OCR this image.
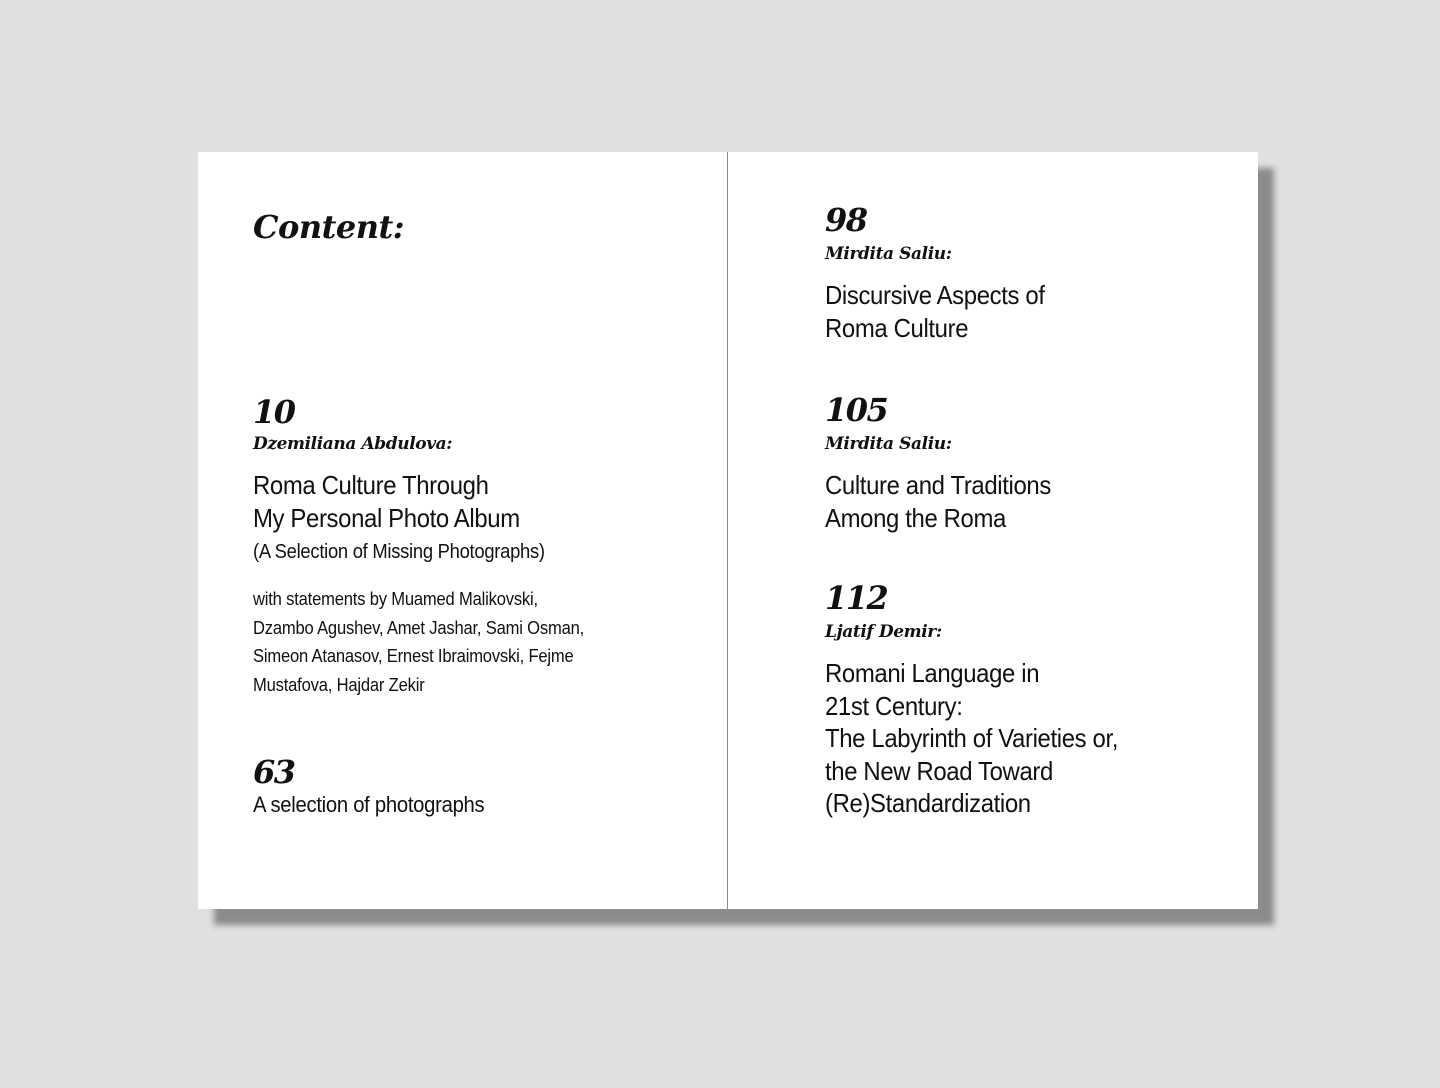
Content:
10
Dzemiliana Abdulova:
Roma Culture Through
My Personal Photo Album
(A Selection of Missing Photographs)
with statements by Muamed Malikovski,
Dzambo Agushev, Amet Jashar, Sami Osman,
Simeon Atanasov, Ernest Ibraimovski, Fejme
Mustafova, Hajdar Zekir
63
A selection of photographs
98
Mirdita Saliu:
Discursive Aspects of
Roma Culture
105
Mirdita Saliu:
Culture and Traditions
Among the Roma
112
Ljatif Demir:
Romani Language in
21st Century:
The Labyrinth of Varieties or,
the New Road Toward
(Re)Standardization
